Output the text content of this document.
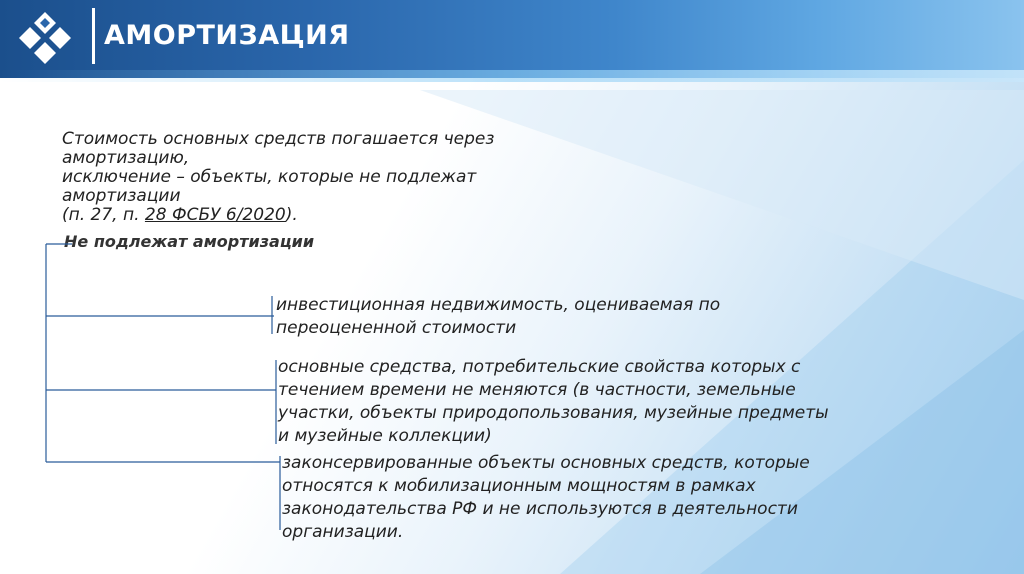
АМОРТИЗАЦИЯ
Стоимость основных средств погашается через
амортизацию,
исключение – объекты, которые не подлежат
амортизации
(п. 27, п. 28 ФСБУ 6/2020).
Не подлежат амортизации
инвестиционная недвижимость, оцениваемая по
переоцененной стоимости
основные средства, потребительские свойства которых с
течением времени не меняются (в частности, земельные
участки, объекты природопользования, музейные предметы
и музейные коллекции)
законсервированные объекты основных средств, которые
относятся к мобилизационным мощностям в рамках
законодательства РФ и не используются в деятельности
организации.
